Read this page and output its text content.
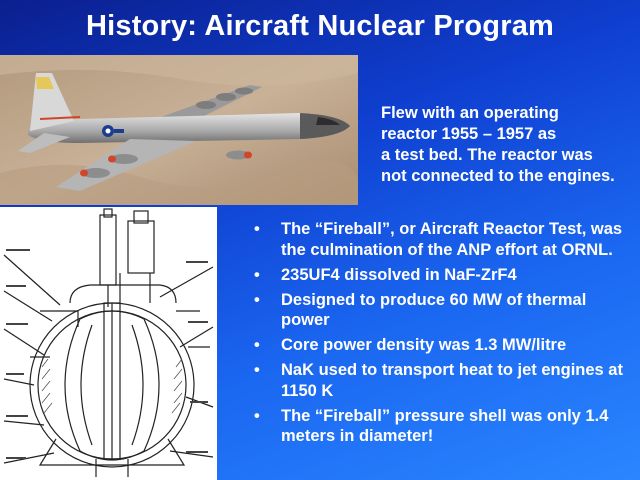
History: Aircraft Nuclear Program
Flew with an operating
reactor 1955 – 1957 as
a test bed. The reactor was
not connected to the engines.
• The “Fireball”, or Aircraft Reactor Test, was the culmination of the ANP effort at ORNL.
• 235UF4 dissolved in NaF-ZrF4
• Designed to produce 60 MW of thermal power
• Core power density was 1.3 MW/litre
• NaK used to transport heat to jet engines at 1150 K
• The “Fireball” pressure shell was only 1.4 meters in diameter!
